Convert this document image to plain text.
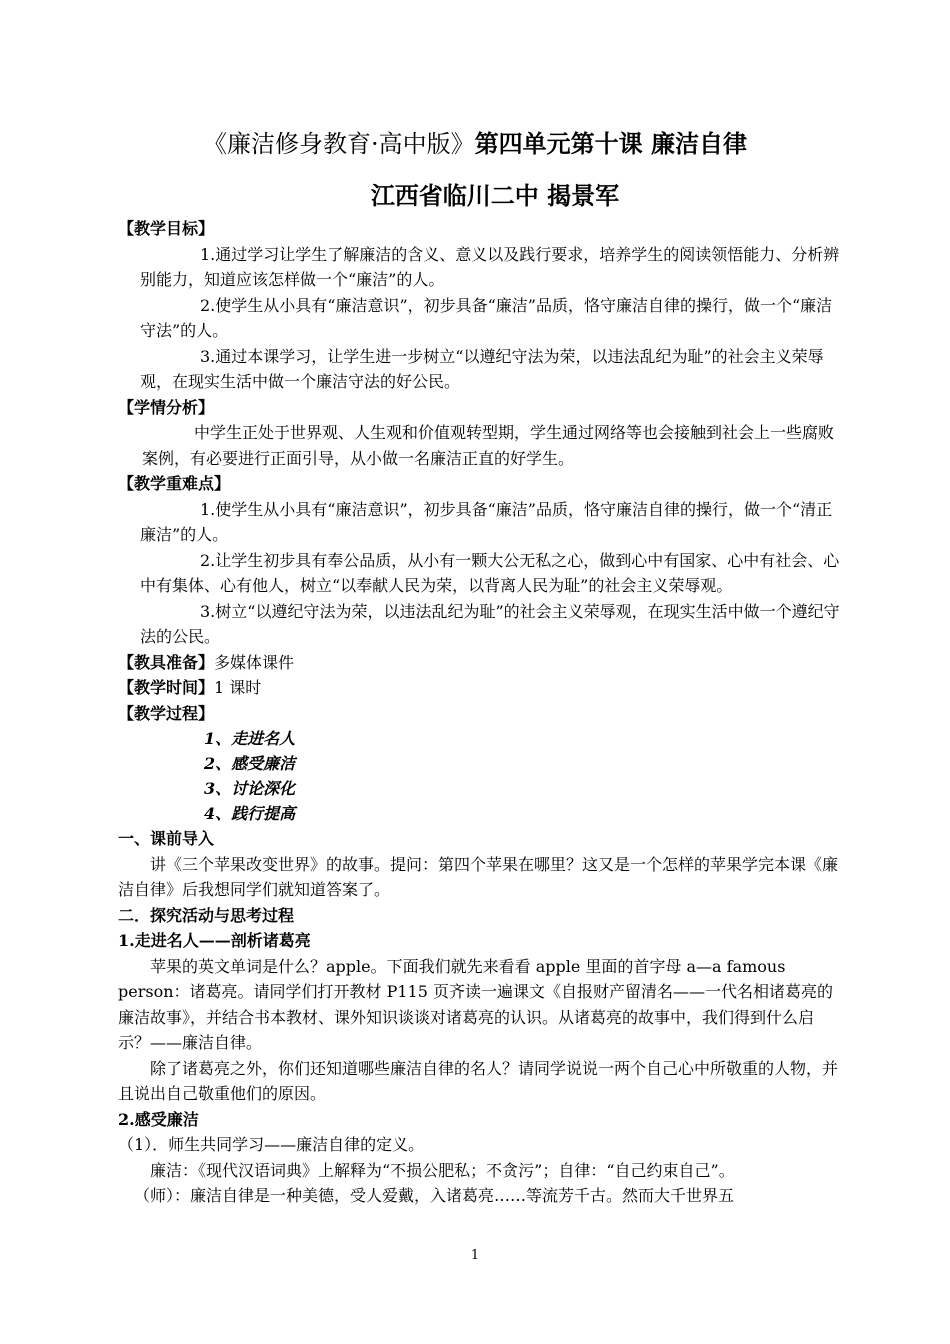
《廉洁修身教育·高中版》第四单元第十课 廉洁自律
江西省临川二中 揭景军

【教学目标】

1.通过学习让学生了解廉洁的含义、意义以及践行要求，培养学生的阅读领悟能力、分析辨别能力，知道应该怎样做一个“廉洁”的人。

2.使学生从小具有“廉洁意识”，初步具备“廉洁”品质，恪守廉洁自律的操行，做一个“廉洁守法”的人。

3.通过本课学习，让学生进一步树立“以遵纪守法为荣，以违法乱纪为耻”的社会主义荣辱观，在现实生活中做一个廉洁守法的好公民。

【学情分析】

中学生正处于世界观、人生观和价值观转型期，学生通过网络等也会接触到社会上一些腐败案例，有必要进行正面引导，从小做一名廉洁正直的好学生。

【教学重难点】

1.使学生从小具有“廉洁意识”，初步具备“廉洁”品质，恪守廉洁自律的操行，做一个“清正廉洁”的人。

2.让学生初步具有奉公品质，从小有一颗大公无私之心，做到心中有国家、心中有社会、心中有集体、心有他人，树立“以奉献人民为荣，以背离人民为耻”的社会主义荣辱观。

3.树立“以遵纪守法为荣，以违法乱纪为耻”的社会主义荣辱观，在现实生活中做一个遵纪守法的公民。

【教具准备】多媒体课件

【教学时间】1 课时

【教学过程】

1、走进名人

2、感受廉洁

3、讨论深化

4、践行提高

一、课前导入

讲《三个苹果改变世界》的故事。提问：第四个苹果在哪里？这又是一个怎样的苹果学完本课《廉洁自律》后我想同学们就知道答案了。

二．探究活动与思考过程

1.走进名人——剖析诸葛亮

苹果的英文单词是什么？apple。下面我们就先来看看 apple 里面的首字母 a—a famous person：诸葛亮。请同学们打开教材 P115 页齐读一遍课文《自报财产留清名——一代名相诸葛亮的廉洁故事》，并结合书本教材、课外知识谈谈对诸葛亮的认识。从诸葛亮的故事中，我们得到什么启示？——廉洁自律。

除了诸葛亮之外，你们还知道哪些廉洁自律的名人？请同学说说一两个自己心中所敬重的人物，并且说出自己敬重他们的原因。

2.感受廉洁

（1）．师生共同学习——廉洁自律的定义。

廉洁：《现代汉语词典》上解释为“不损公肥私；不贪污”；自律：“自己约束自己”。

（师）：廉洁自律是一种美德，受人爱戴，入诸葛亮……等流芳千古。然而大千世界五

1
